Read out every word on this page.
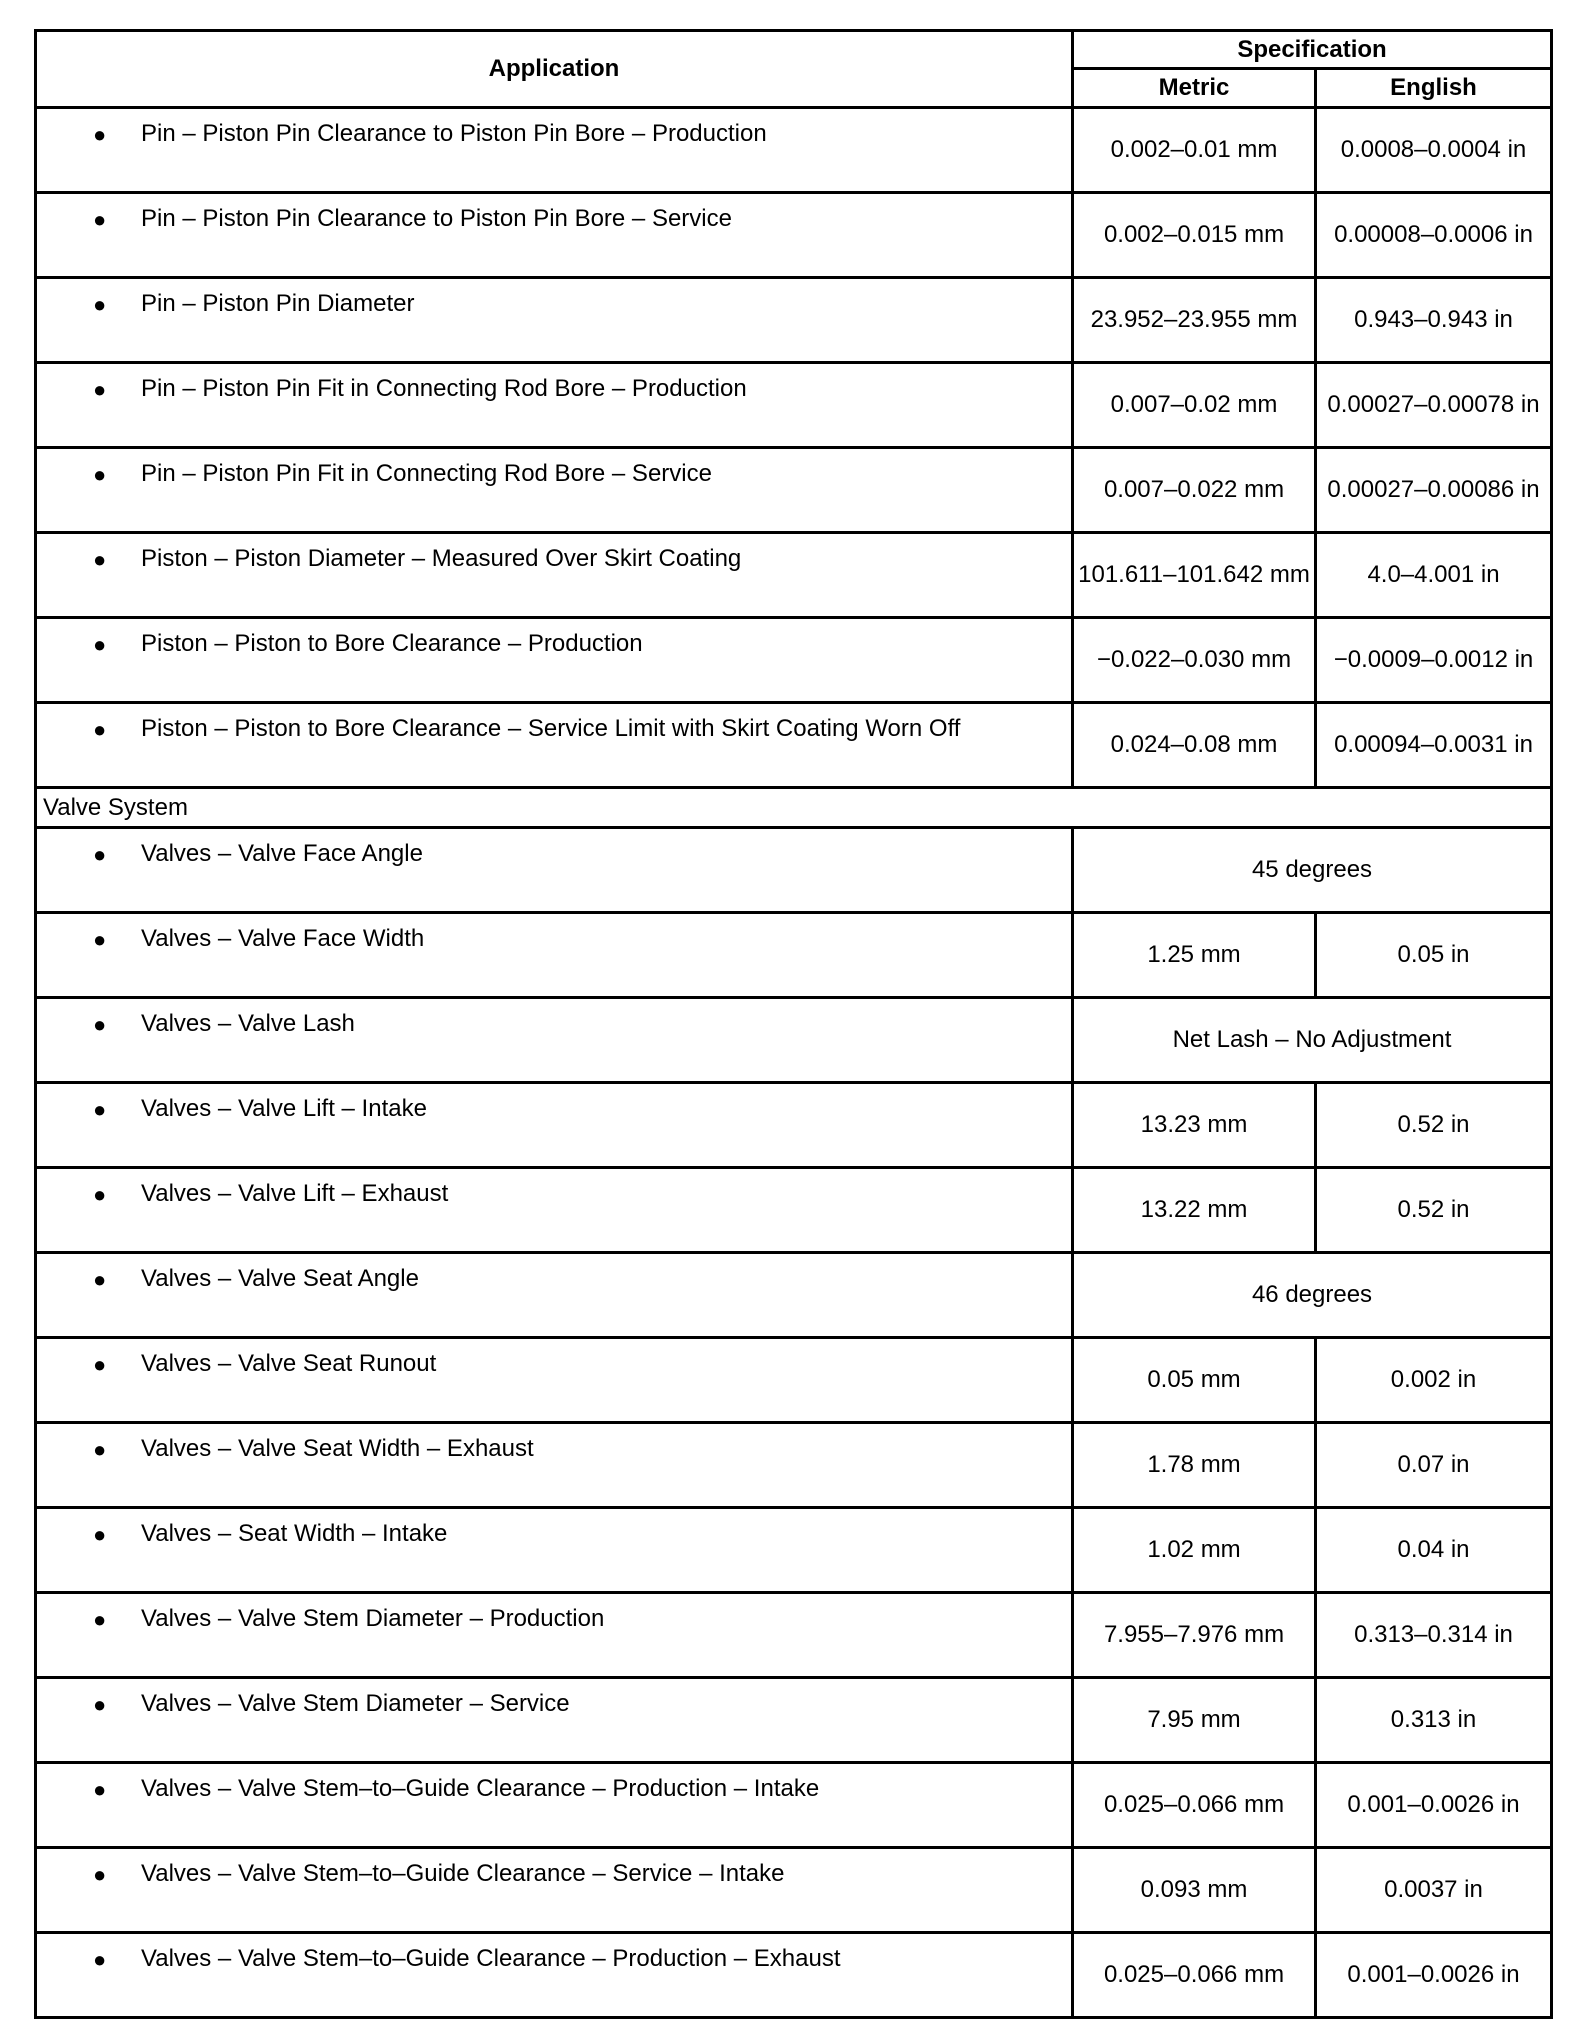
Application	Specification	
	Metric	English

● Pin – Piston Pin Clearance to Piston Pin Bore – Production	0.002–0.01 mm	0.0008–0.0004 in

● Pin – Piston Pin Clearance to Piston Pin Bore – Service	0.002–0.015 mm	0.00008–0.0006 in

● Pin – Piston Pin Diameter	23.952–23.955 mm	0.943–0.943 in

● Pin – Piston Pin Fit in Connecting Rod Bore – Production	0.007–0.02 mm	0.00027–0.00078 in

● Pin – Piston Pin Fit in Connecting Rod Bore – Service	0.007–0.022 mm	0.00027–0.00086 in

● Piston – Piston Diameter – Measured Over Skirt Coating	101.611–101.642 mm	4.0–4.001 in

● Piston – Piston to Bore Clearance – Production	−0.022–0.030 mm	−0.0009–0.0012 in

● Piston – Piston to Bore Clearance – Service Limit with Skirt Coating Worn Off	0.024–0.08 mm	0.00094–0.0031 in
Valve System		

● Valves – Valve Face Angle	45 degrees	

● Valves – Valve Face Width	1.25 mm	0.05 in

● Valves – Valve Lash	Net Lash – No Adjustment	

● Valves – Valve Lift – Intake	13.23 mm	0.52 in

● Valves – Valve Lift – Exhaust	13.22 mm	0.52 in

● Valves – Valve Seat Angle	46 degrees	

● Valves – Valve Seat Runout	0.05 mm	0.002 in

● Valves – Valve Seat Width – Exhaust	1.78 mm	0.07 in

● Valves – Seat Width – Intake	1.02 mm	0.04 in

● Valves – Valve Stem Diameter – Production	7.955–7.976 mm	0.313–0.314 in

● Valves – Valve Stem Diameter – Service	7.95 mm	0.313 in

● Valves – Valve Stem–to–Guide Clearance – Production – Intake	0.025–0.066 mm	0.001–0.0026 in

● Valves – Valve Stem–to–Guide Clearance – Service – Intake	0.093 mm	0.0037 in

● Valves – Valve Stem–to–Guide Clearance – Production – Exhaust	0.025–0.066 mm	0.001–0.0026 in
